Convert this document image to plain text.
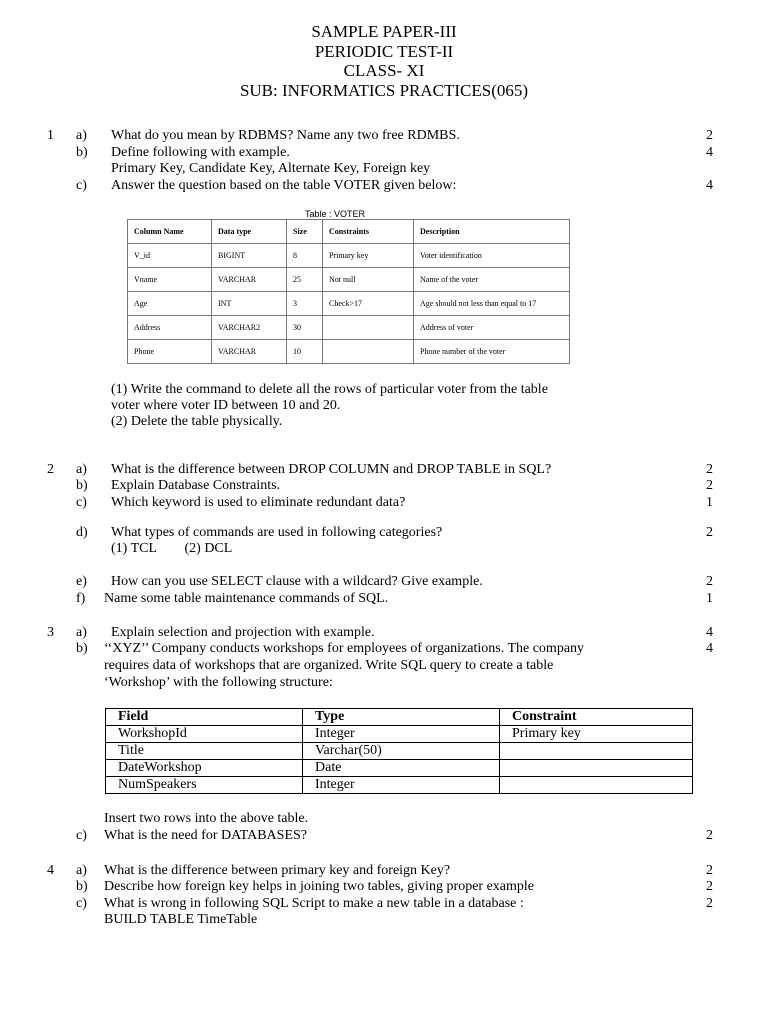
SAMPLE PAPER-III
PERIODIC TEST-II
CLASS- XI
SUB: INFORMATICS PRACTICES(065)
1 a) What do you mean by RDBMS? Name any two free RDMBS.	2
b) Define following with example.	4
Primary Key, Candidate Key, Alternate Key, Foreign key
c) Answer the question based on the table VOTER given below:	4
Table : VOTER
Column Name	Data type	Size	Constraints	Description
V_id	BIGINT	8	Primary key	Voter identification
Vname	VARCHAR	25	Not null	Name of the voter
Age	INT	3	Check>17	Age should not less than equal to 17
Address	VARCHAR2	30		Address of voter
Phone	VARCHAR	10		Phone number of the voter
(1) Write the command to delete all the rows of particular voter from the table
voter where voter ID between 10 and 20.
(2) Delete the table physically.
2 a) What is the difference between DROP COLUMN and DROP TABLE in SQL?	2
b) Explain Database Constraints.	2
c) Which keyword is used to eliminate redundant data?	1
d) What types of commands are used in following categories?	2
(1) TCL        (2) DCL
e) How can you use SELECT clause with a wildcard? Give example.	2
f) Name some table maintenance commands of SQL.	1
3 a) Explain selection and projection with example.	4
b) ‘‘XYZ’’ Company conducts workshops for employees of organizations. The company	4
requires data of workshops that are organized. Write SQL query to create a table
‘Workshop’ with the following structure:
Field	Type	Constraint
WorkshopId	Integer	Primary key
Title	Varchar(50)	
DateWorkshop	Date	
NumSpeakers	Integer	
Insert two rows into the above table.
c) What is the need for DATABASES?	2
4 a) What is the difference between primary key and foreign Key?	2
b) Describe how foreign key helps in joining two tables, giving proper example	2
c) What is wrong in following SQL Script to make a new table in a database :	2
BUILD TABLE TimeTable
